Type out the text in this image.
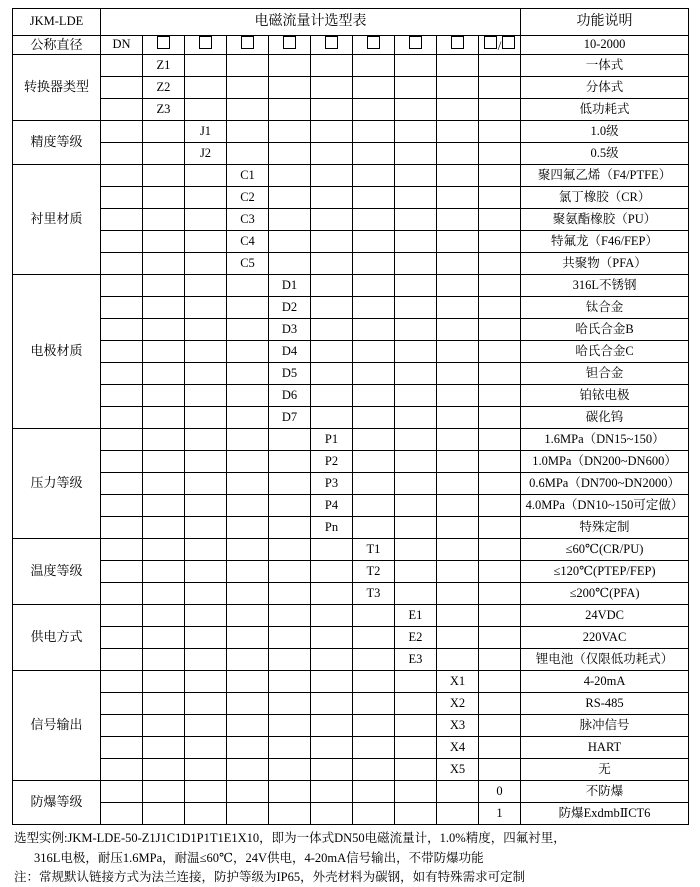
JKM-LDE	电磁流量计选型表										功能说明
公称直径	DN									/	10-2000
转换器类型		Z1									一体式
		Z2									分体式
		Z3									低功耗式
精度等级			J1								1.0级
			J2								0.5级
衬里材质				C1							聚四氟乙烯（F4/PTFE）
				C2							氯丁橡胶（CR）
				C3							聚氨酯橡胶（PU）
				C4							特氟龙（F46/FEP）
				C5							共聚物（PFA）
电极材质					D1						316L不锈钢
					D2						钛合金
					D3						哈氏合金B
					D4						哈氏合金C
					D5						钽合金
					D6						铂铱电极
					D7						碳化钨
压力等级						P1					1.6MPa（DN15~150）
						P2					1.0MPa（DN200~DN600）
						P3					0.6MPa（DN700~DN2000）
						P4					4.0MPa（DN10~150可定做）
						Pn					特殊定制
温度等级							T1				≤60℃(CR/PU)
							T2				≤120℃(PTEP/FEP)
							T3				≤200℃(PFA)
供电方式								E1			24VDC
								E2			220VAC
								E3			锂电池（仅限低功耗式）
信号输出									X1		4-20mA
									X2		RS-485
									X3		脉冲信号
									X4		HART
									X5		无
防爆等级										0	不防爆
										1	防爆ExdmbⅡCT6
选型实例:JKM-LDE-50-Z1J1C1D1P1T1E1X10，即为一体式DN50电磁流量计，1.0%精度，四氟衬里，
316L电极，耐压1.6MPa，耐温≤60℃，24V供电，4-20mA信号输出，不带防爆功能
注：常规默认链接方式为法兰连接，防护等级为IP65，外壳材料为碳钢，如有特殊需求可定制
